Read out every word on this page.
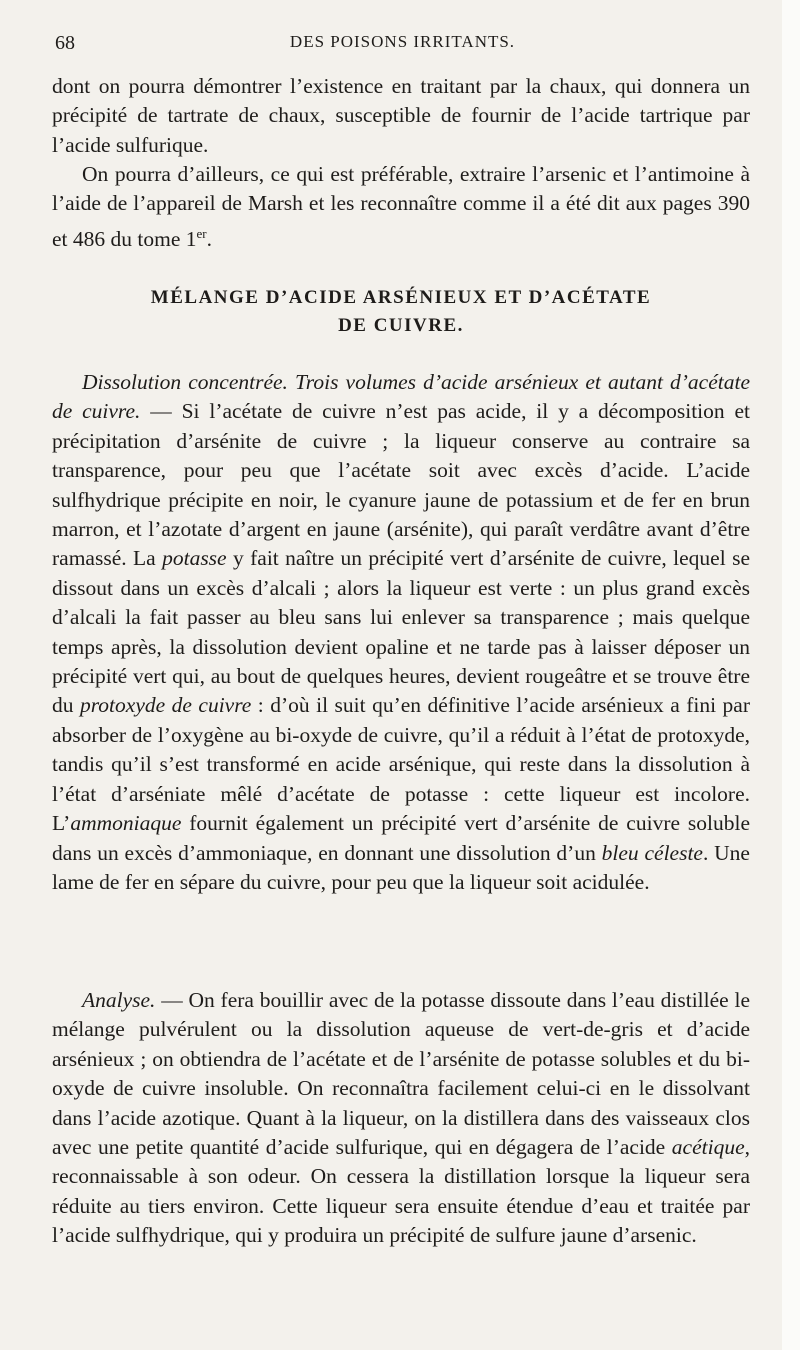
68	DES POISONS IRRITANTS.

dont on pourra démontrer l’existence en traitant par la chaux, qui donnera un précipité de tartrate de chaux, susceptible de fournir de l’acide tartrique par l’acide sulfurique.

On pourra d’ailleurs, ce qui est préférable, extraire l’arsenic et l’antimoine à l’aide de l’appareil de Marsh et les reconnaître comme il a été dit aux pages 390 et 486 du tome 1er.

MÉLANGE D’ACIDE ARSÉNIEUX ET D’ACÉTATE
DE CUIVRE.

Dissolution concentrée. Trois volumes d’acide arsénieux et autant d’acétate de cuivre. — Si l’acétate de cuivre n’est pas acide, il y a décomposition et précipitation d’arsénite de cuivre ; la liqueur conserve au contraire sa transparence, pour peu que l’acétate soit avec excès d’acide. L’acide sulfhydrique précipite en noir, le cyanure jaune de potassium et de fer en brun marron, et l’azotate d’argent en jaune (arsénite), qui paraît verdâtre avant d’être ramassé. La potasse y fait naître un précipité vert d’arsénite de cuivre, lequel se dissout dans un excès d’alcali ; alors la liqueur est verte : un plus grand excès d’alcali la fait passer au bleu sans lui enlever sa transparence ; mais quelque temps après, la dissolution devient opaline et ne tarde pas à laisser déposer un précipité vert qui, au bout de quelques heures, devient rougeâtre et se trouve être du protoxyde de cuivre : d’où il suit qu’en définitive l’acide arsénieux a fini par absorber de l’oxygène au bi-oxyde de cuivre, qu’il a réduit à l’état de protoxyde, tandis qu’il s’est transformé en acide arsénique, qui reste dans la dissolution à l’état d’arséniate mêlé d’acétate de potasse : cette liqueur est incolore. L’ammoniaque fournit également un précipité vert d’arsénite de cuivre soluble dans un excès d’ammoniaque, en donnant une dissolution d’un bleu céleste. Une lame de fer en sépare du cuivre, pour peu que la liqueur soit acidulée.

Analyse. — On fera bouillir avec de la potasse dissoute dans l’eau distillée le mélange pulvérulent ou la dissolution aqueuse de vert-de-gris et d’acide arsénieux ; on obtiendra de l’acétate et de l’arsénite de potasse solubles et du bi-oxyde de cuivre insoluble. On reconnaîtra facilement celui-ci en le dissolvant dans l’acide azotique. Quant à la liqueur, on la distillera dans des vaisseaux clos avec une petite quantité d’acide sulfurique, qui en dégagera de l’acide acétique, reconnaissable à son odeur. On cessera la distillation lorsque la liqueur sera réduite au tiers environ. Cette liqueur sera ensuite étendue d’eau et traitée par l’acide sulfhydrique, qui y produira un précipité de sulfure jaune d’arsenic.
